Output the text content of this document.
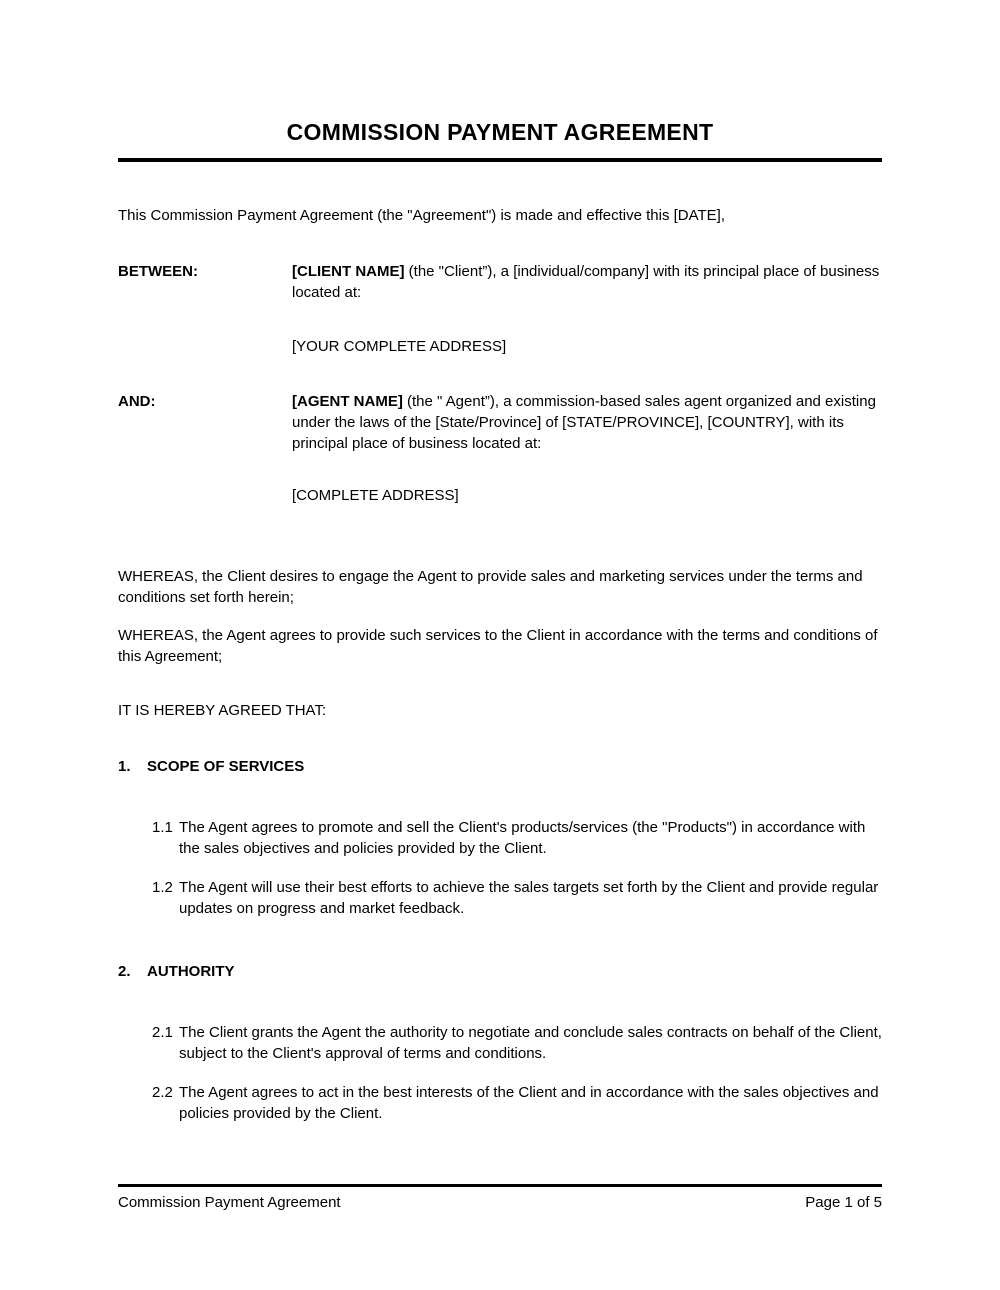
COMMISSION PAYMENT AGREEMENT

This Commission Payment Agreement (the "Agreement") is made and effective this [DATE],

BETWEEN:	[CLIENT NAME] (the "Client”), a [individual/company] with its principal place of business located at:
[YOUR COMPLETE ADDRESS]
AND:	[AGENT NAME] (the " Agent”), a commission-based sales agent organized and existing under the laws of the [State/Province] of [STATE/PROVINCE], [COUNTRY], with its principal place of business located at:
[COMPLETE ADDRESS]

WHEREAS, the Client desires to engage the Agent to provide sales and marketing services under the terms and conditions set forth herein;

WHEREAS, the Agent agrees to provide such services to the Client in accordance with the terms and conditions of this Agreement;

IT IS HEREBY AGREED THAT:

1.	SCOPE OF SERVICES
1.1 The Agent agrees to promote and sell the Client's products/services (the "Products") in accordance with the sales objectives and policies provided by the Client.
1.2 The Agent will use their best efforts to achieve the sales targets set forth by the Client and provide regular updates on progress and market feedback.
2.	AUTHORITY
2.1 The Client grants the Agent the authority to negotiate and conclude sales contracts on behalf of the Client, subject to the Client's approval of terms and conditions.
2.2 The Agent agrees to act in the best interests of the Client and in accordance with the sales objectives and policies provided by the Client.
Commission Payment Agreement	Page 1 of 5
